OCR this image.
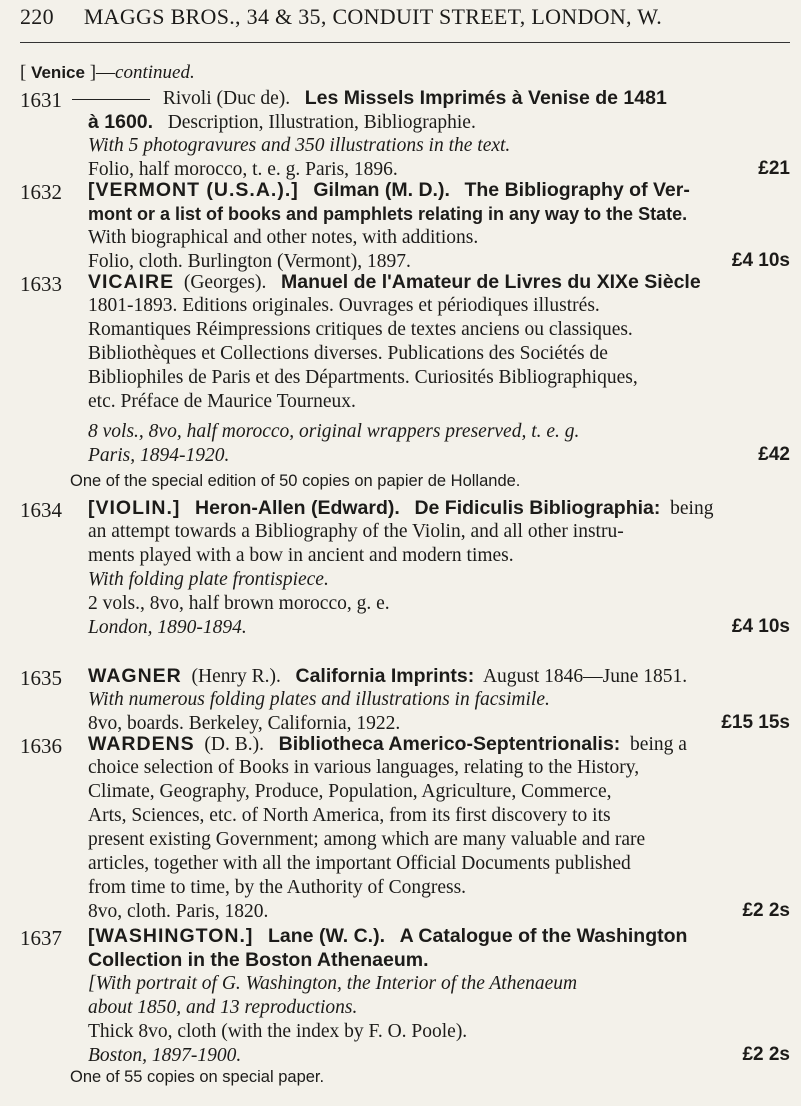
220 MAGGS BROS., 34 & 35, CONDUIT STREET, LONDON, W.
[ Venice ]—continued.
1631	Rivoli (Duc de). Les Missels Imprimés à Venise de 1481
à 1600. Description, Illustration, Bibliographie.
With 5 photogravures and 350 illustrations in the text.
Folio, half morocco, t. e. g. Paris, 1896.	£21
1632 [VERMONT (U.S.A.).] Gilman (M. D.). The Bibliography of Ver-
mont or a list of books and pamphlets relating in any way to the State.
With biographical and other notes, with additions.
Folio, cloth. Burlington (Vermont), 1897.	£4 10s
1633 VICAIRE (Georges). Manuel de l'Amateur de Livres du XIXe Siècle
1801-1893. Editions originales. Ouvrages et périodiques illustrés.
Romantiques Réimpressions critiques de textes anciens ou classiques.
Bibliothèques et Collections diverses. Publications des Sociétés de
Bibliophiles de Paris et des Départments. Curiosités Bibliographiques,
etc. Préface de Maurice Tourneux.
8 vols., 8vo, half morocco, original wrappers preserved, t. e. g.
Paris, 1894-1920.	£42
One of the special edition of 50 copies on papier de Hollande.
1634 [VIOLIN.] Heron-Allen (Edward). De Fidiculis Bibliographia: being
an attempt towards a Bibliography of the Violin, and all other instru-
ments played with a bow in ancient and modern times.
With folding plate frontispiece.
2 vols., 8vo, half brown morocco, g. e.
London, 1890-1894.	£4 10s
1635 WAGNER (Henry R.). California Imprints: August 1846—June 1851.
With numerous folding plates and illustrations in facsimile.
8vo, boards. Berkeley, California, 1922.	£15 15s
1636 WARDENS (D. B.). Bibliotheca Americo-Septentrionalis: being a
choice selection of Books in various languages, relating to the History,
Climate, Geography, Produce, Population, Agriculture, Commerce,
Arts, Sciences, etc. of North America, from its first discovery to its
present existing Government; among which are many valuable and rare
articles, together with all the important Official Documents published
from time to time, by the Authority of Congress.
8vo, cloth. Paris, 1820.	£2 2s
1637 [WASHINGTON.] Lane (W. C.). A Catalogue of the Washington
Collection in the Boston Athenaeum.
[With portrait of G. Washington, the Interior of the Athenaeum
about 1850, and 13 reproductions.
Thick 8vo, cloth (with the index by F. O. Poole).
Boston, 1897-1900.	£2 2s
One of 55 copies on special paper.
